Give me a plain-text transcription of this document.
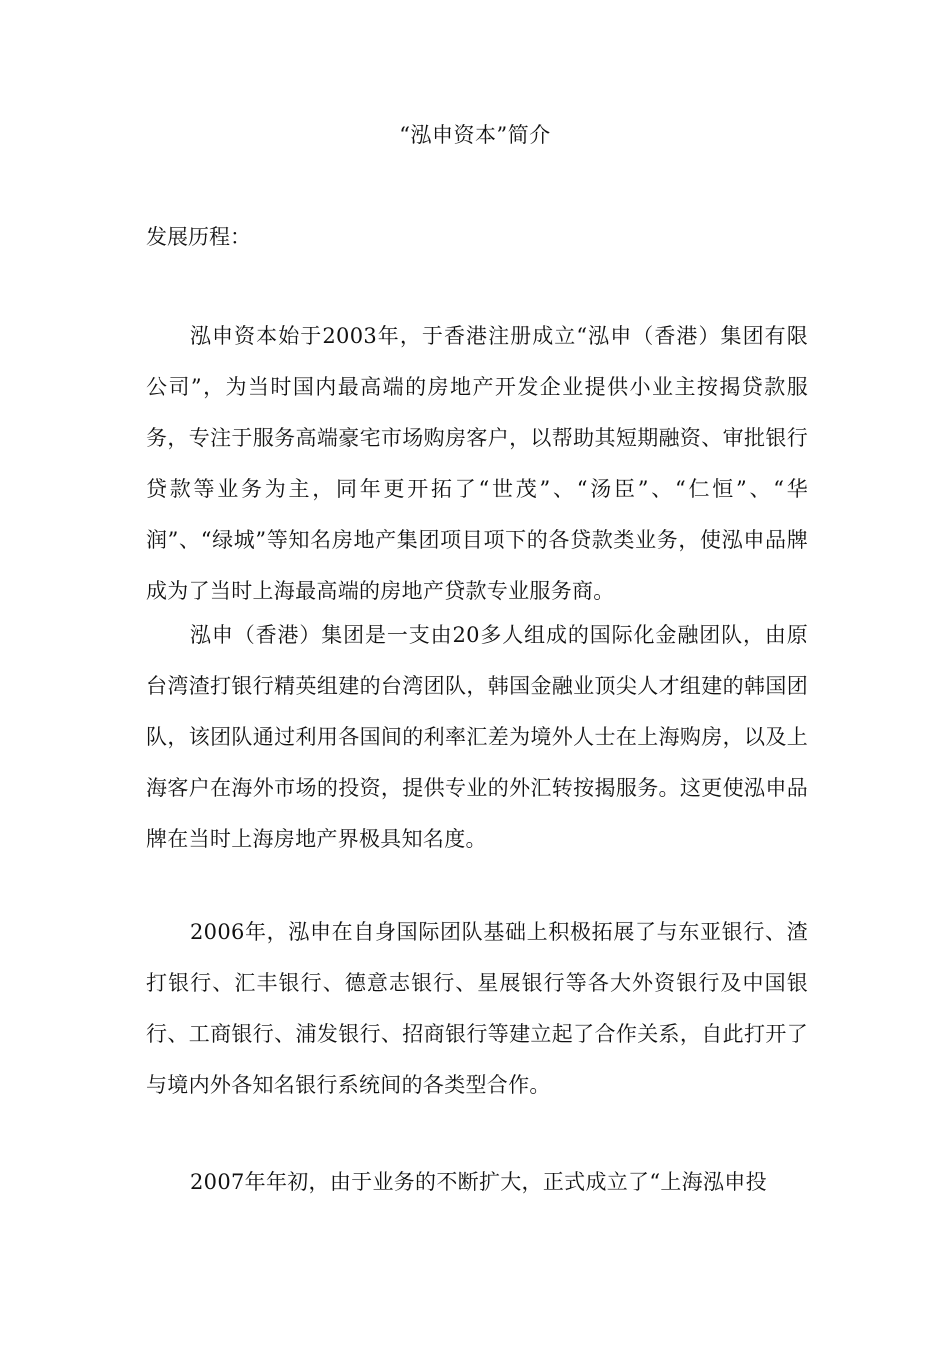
“泓申资本”简介
发展历程：

泓申资本始于2003年，于香港注册成立“泓申（香港）集团有限公司”，为当时国内最高端的房地产开发企业提供小业主按揭贷款服务，专注于服务高端豪宅市场购房客户，以帮助其短期融资、审批银行贷款等业务为主，同年更开拓了“世茂”、“汤臣”、“仁恒”、“华润”、“绿城”等知名房地产集团项目项下的各贷款类业务，使泓申品牌成为了当时上海最高端的房地产贷款专业服务商。

泓申（香港）集团是一支由20多人组成的国际化金融团队，由原台湾渣打银行精英组建的台湾团队，韩国金融业顶尖人才组建的韩国团队，该团队通过利用各国间的利率汇差为境外人士在上海购房，以及上海客户在海外市场的投资，提供专业的外汇转按揭服务。这更使泓申品牌在当时上海房地产界极具知名度。

2006年，泓申在自身国际团队基础上积极拓展了与东亚银行、渣打银行、汇丰银行、德意志银行、星展银行等各大外资银行及中国银行、工商银行、浦发银行、招商银行等建立起了合作关系，自此打开了与境内外各知名银行系统间的各类型合作。

2007年年初，由于业务的不断扩大，正式成立了“上海泓申投
